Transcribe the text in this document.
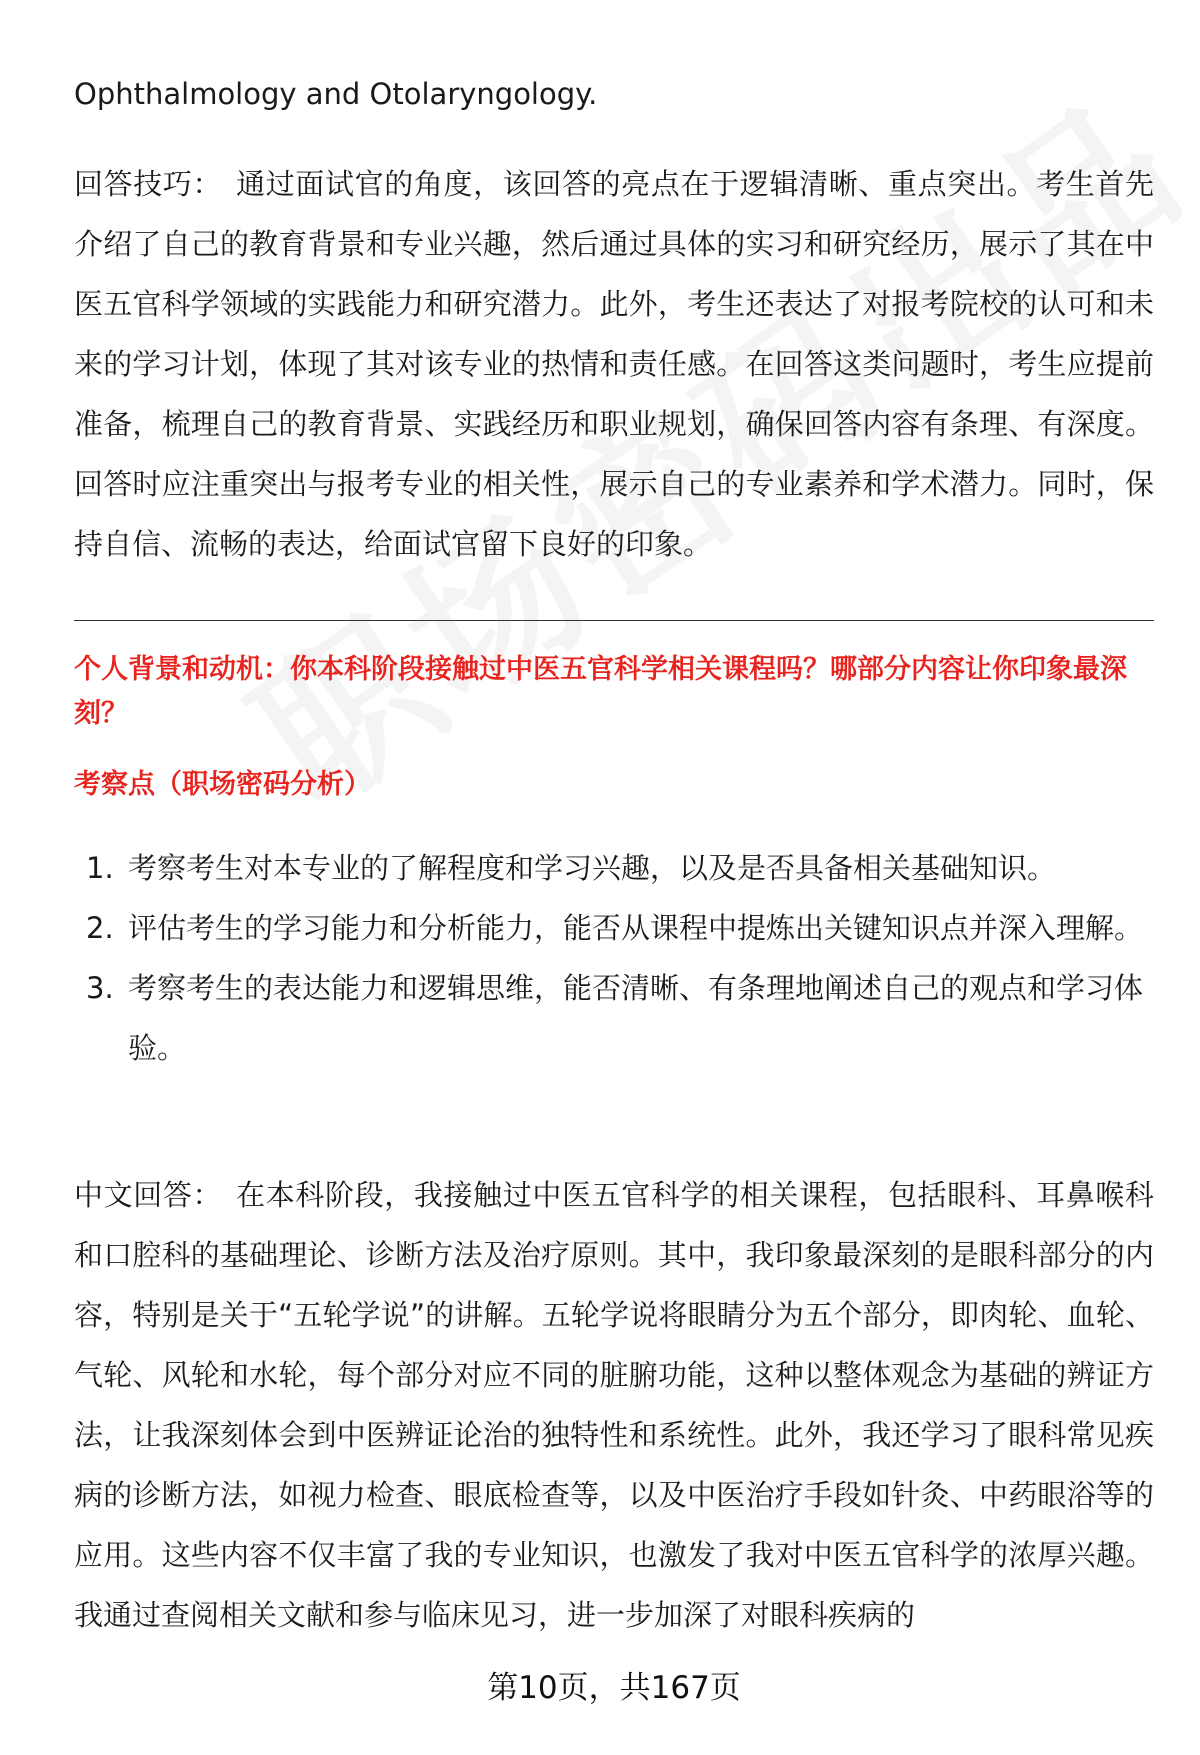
Ophthalmology and Otolaryngology.

回答技巧： 通过面试官的角度，该回答的亮点在于逻辑清晰、重点突出。考生首先介绍了自己的教育背景和专业兴趣，然后通过具体的实习和研究经历，展示了其在中医五官科学领域的实践能力和研究潜力。此外，考生还表达了对报考院校的认可和未来的学习计划，体现了其对该专业的热情和责任感。在回答这类问题时，考生应提前准备，梳理自己的教育背景、实践经历和职业规划，确保回答内容有条理、有深度。回答时应注重突出与报考专业的相关性，展示自己的专业素养和学术潜力。同时，保持自信、流畅的表达，给面试官留下良好的印象。

个人背景和动机：你本科阶段接触过中医五官科学相关课程吗？哪部分内容让你印象最深刻？

考察点（职场密码分析）

1. 考察考生对本专业的了解程度和学习兴趣，以及是否具备相关基础知识。
2. 评估考生的学习能力和分析能力，能否从课程中提炼出关键知识点并深入理解。
3. 考察考生的表达能力和逻辑思维，能否清晰、有条理地阐述自己的观点和学习体验。

中文回答： 在本科阶段，我接触过中医五官科学的相关课程，包括眼科、耳鼻喉科和口腔科的基础理论、诊断方法及治疗原则。其中，我印象最深刻的是眼科部分的内容，特别是关于“五轮学说”的讲解。五轮学说将眼睛分为五个部分，即肉轮、血轮、气轮、风轮和水轮，每个部分对应不同的脏腑功能，这种以整体观念为基础的辨证方法，让我深刻体会到中医辨证论治的独特性和系统性。此外，我还学习了眼科常见疾病的诊断方法，如视力检查、眼底检查等，以及中医治疗手段如针灸、中药眼浴等的应用。这些内容不仅丰富了我的专业知识，也激发了我对中医五官科学的浓厚兴趣。我通过查阅相关文献和参与临床见习，进一步加深了对眼科疾病的

第10页，共167页
